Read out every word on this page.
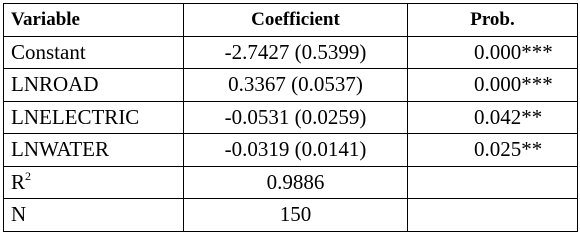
Variable	Coefficient	Prob.
Constant	-2.7427 (0.5399)	0.000***
LNROAD	0.3367 (0.0537)	0.000***
LNELECTRIC	-0.0531 (0.0259)	0.042**
LNWATER	-0.0319 (0.0141)	0.025**
$R^2$	0.9886	
N	150	
